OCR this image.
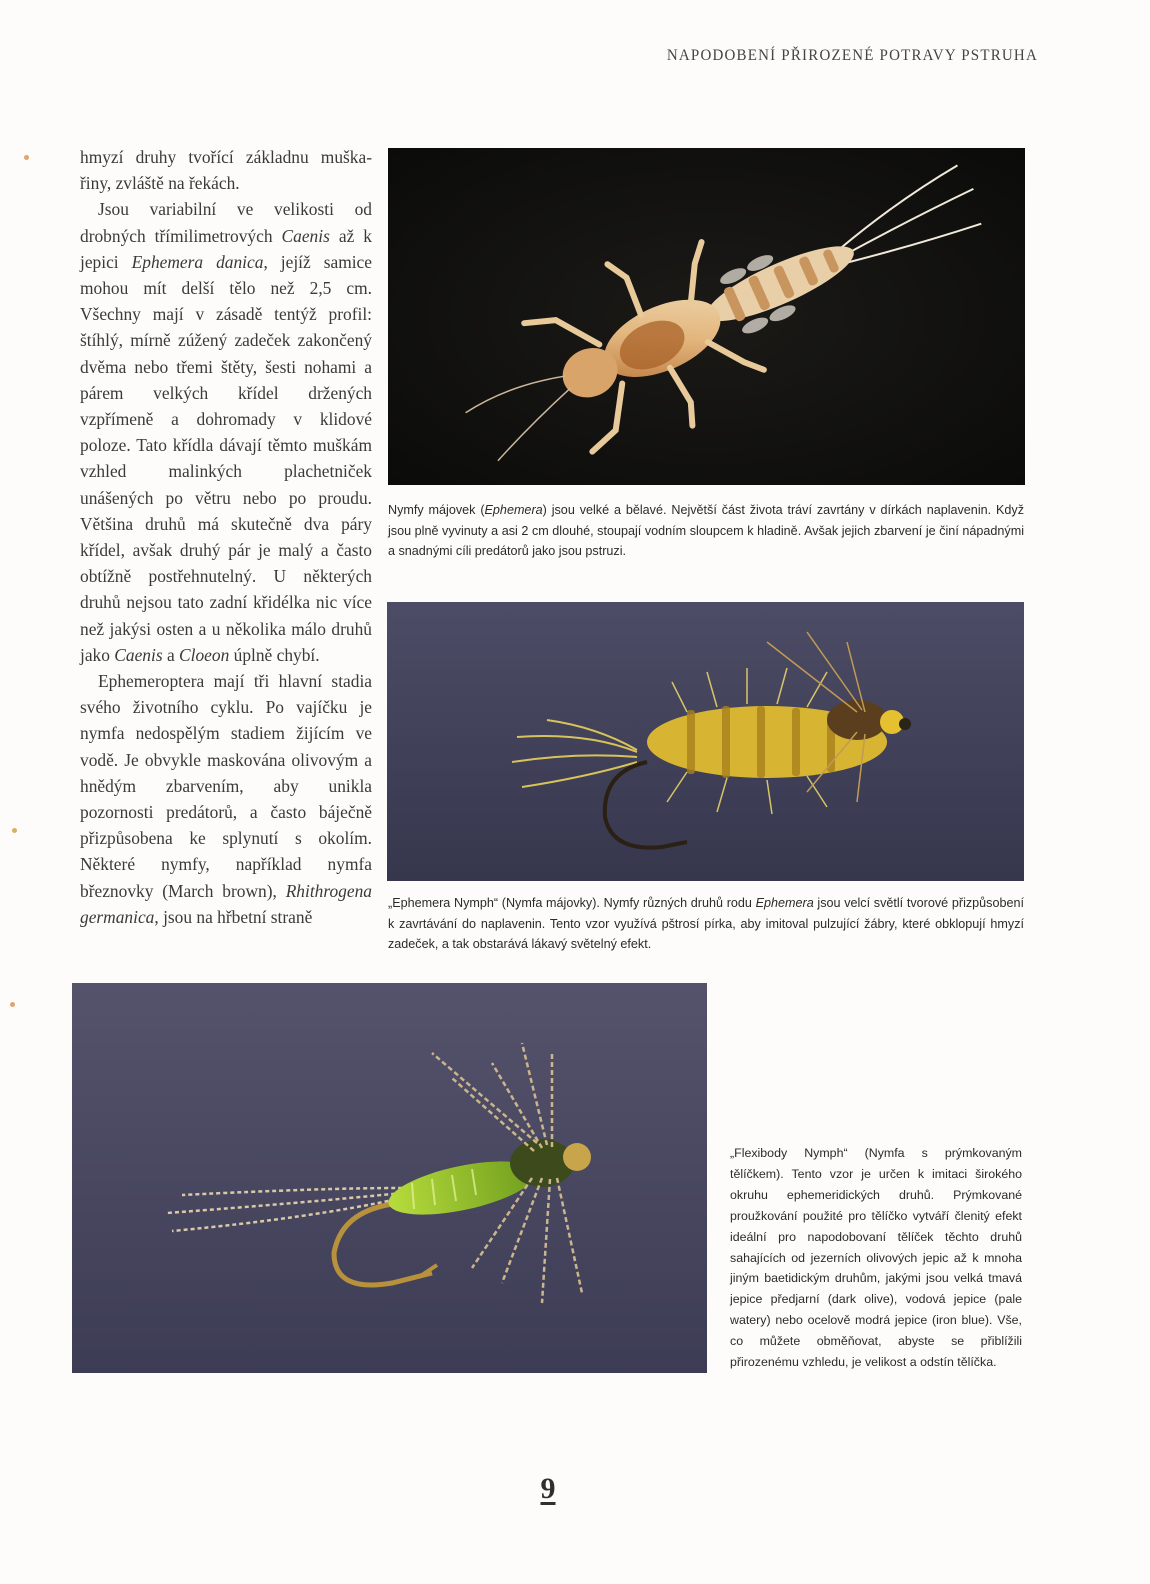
NAPODOBENÍ PŘIROZENÉ POTRAVY PSTRUHA

hmyzí druhy tvořící základnu muška-řiny, zvláště na řekách.

Jsou variabilní ve velikosti od drobných třímilimetrových Caenis až k jepici Ephemera danica, jejíž samice mohou mít delší tělo než 2,5 cm. Všechny mají v zásadě tentýž profil: štíhlý, mírně zúžený zadeček zakončený dvěma nebo třemi štěty, šesti nohami a párem velkých křídel držených vzpřímeně a dohromady v klidové poloze. Tato křídla dávají těmto muškám vzhled malinkých plachetniček unášených po větru nebo po proudu. Většina druhů má skutečně dva páry křídel, avšak druhý pár je malý a často obtížně postřehnutelný. U některých druhů nejsou tato zadní křidélka nic více než jakýsi osten a u několika málo druhů jako Caenis a Cloeon úplně chybí.

Ephemeroptera mají tři hlavní stadia svého životního cyklu. Po vajíčku je nymfa nedospělým stadiem žijícím ve vodě. Je obvykle maskována olivovým a hnědým zbarvením, aby unikla pozornosti predátorů, a často báječně přizpůsobena ke splynutí s okolím. Některé nymfy, například nymfa březnovky (March brown), Rhithrogena germanica, jsou na hřbetní straně

Nymfy májovek (Ephemera) jsou velké a bělavé. Největší část života tráví zavrtány v dírkách naplavenin. Když jsou plně vyvinuty a asi 2 cm dlouhé, stoupají vodním sloupcem k hladině. Avšak jejich zbarvení je činí nápadnými a snadnými cíli predátorů jako jsou pstruzi.
„Ephemera Nymph“ (Nymfa májovky). Nymfy různých druhů rodu Ephemera jsou velcí světlí tvorové přizpůsobení k zavrtávání do naplavenin. Tento vzor využívá pštrosí pírka, aby imitoval pulzující žábry, které obklopují hmyzí zadeček, a tak obstarává lákavý světelný efekt.
„Flexibody Nymph“ (Nymfa s prýmkovaným tělíčkem). Tento vzor je určen k imitaci širokého okruhu ephemeridických druhů. Prýmkované proužkování použité pro tělíčko vytváří členitý efekt ideální pro napodobovaní tělíček těchto druhů sahajících od jezerních olivových jepic až k mnoha jiným baetidickým druhům, jakými jsou velká tmavá jepice předjarní (dark olive), vodová jepice (pale watery) nebo ocelově modrá jepice (iron blue). Vše, co můžete obměňovat, abyste se přiblížili přirozenému vzhledu, je velikost a odstín tělíčka.
9
